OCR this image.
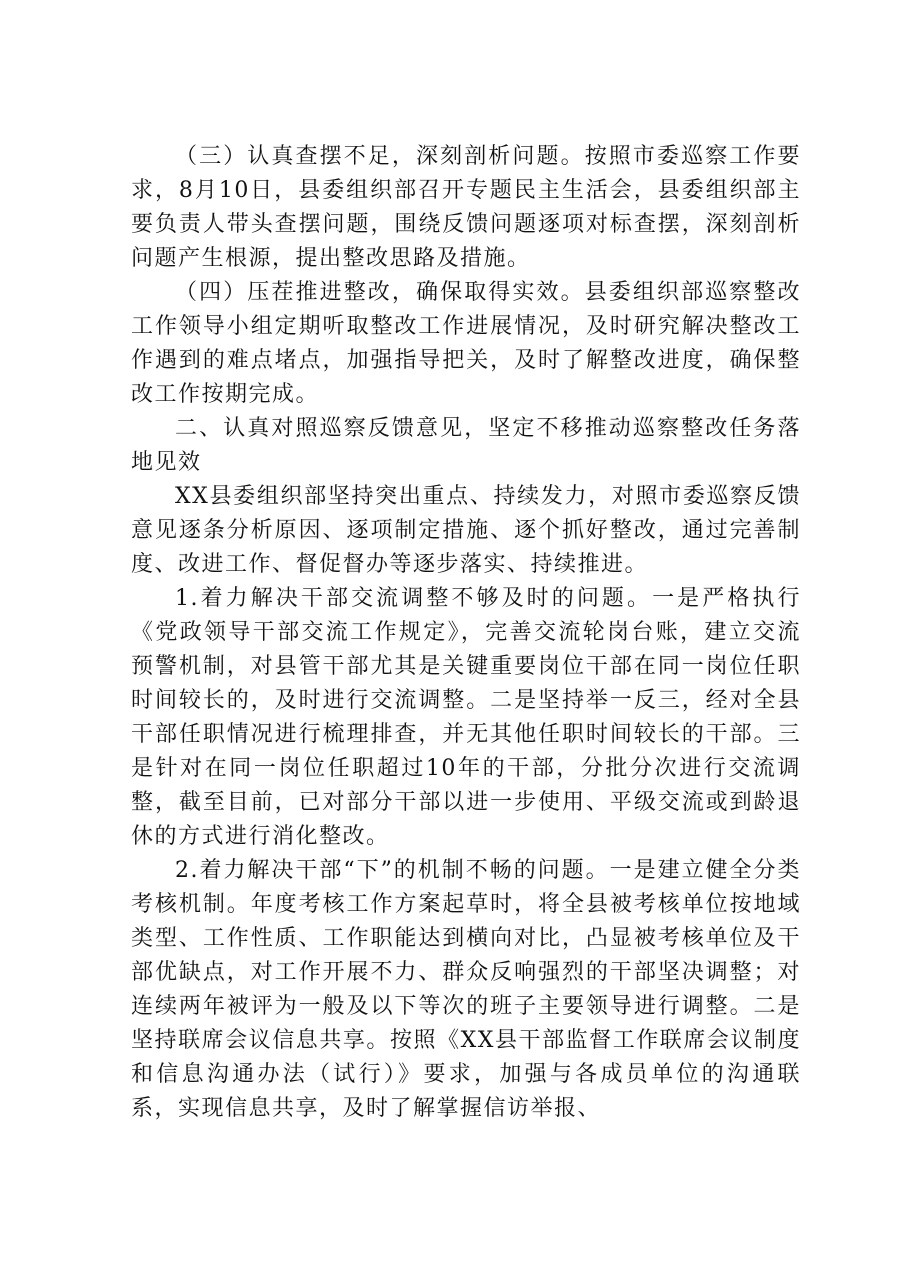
（三）认真查摆不足，深刻剖析问题。按照市委巡察工作要求，8月10日，县委组织部召开专题民主生活会，县委组织部主要负责人带头查摆问题，围绕反馈问题逐项对标查摆，深刻剖析问题产生根源，提出整改思路及措施。

（四）压茬推进整改，确保取得实效。县委组织部巡察整改工作领导小组定期听取整改工作进展情况，及时研究解决整改工作遇到的难点堵点，加强指导把关，及时了解整改进度，确保整改工作按期完成。

二、认真对照巡察反馈意见，坚定不移推动巡察整改任务落地见效

XX县委组织部坚持突出重点、持续发力，对照市委巡察反馈意见逐条分析原因、逐项制定措施、逐个抓好整改，通过完善制度、改进工作、督促督办等逐步落实、持续推进。

1.着力解决干部交流调整不够及时的问题。一是严格执行《党政领导干部交流工作规定》，完善交流轮岗台账，建立交流预警机制，对县管干部尤其是关键重要岗位干部在同一岗位任职时间较长的，及时进行交流调整。二是坚持举一反三，经对全县干部任职情况进行梳理排查，并无其他任职时间较长的干部。三是针对在同一岗位任职超过10年的干部，分批分次进行交流调整，截至目前，已对部分干部以进一步使用、平级交流或到龄退休的方式进行消化整改。

2.着力解决干部“下”的机制不畅的问题。一是建立健全分类考核机制。年度考核工作方案起草时，将全县被考核单位按地域类型、工作性质、工作职能达到横向对比，凸显被考核单位及干部优缺点，对工作开展不力、群众反响强烈的干部坚决调整；对连续两年被评为一般及以下等次的班子主要领导进行调整。二是坚持联席会议信息共享。按照《XX县干部监督工作联席会议制度和信息沟通办法（试行）》要求，加强与各成员单位的沟通联系，实现信息共享，及时了解掌握信访举报、
